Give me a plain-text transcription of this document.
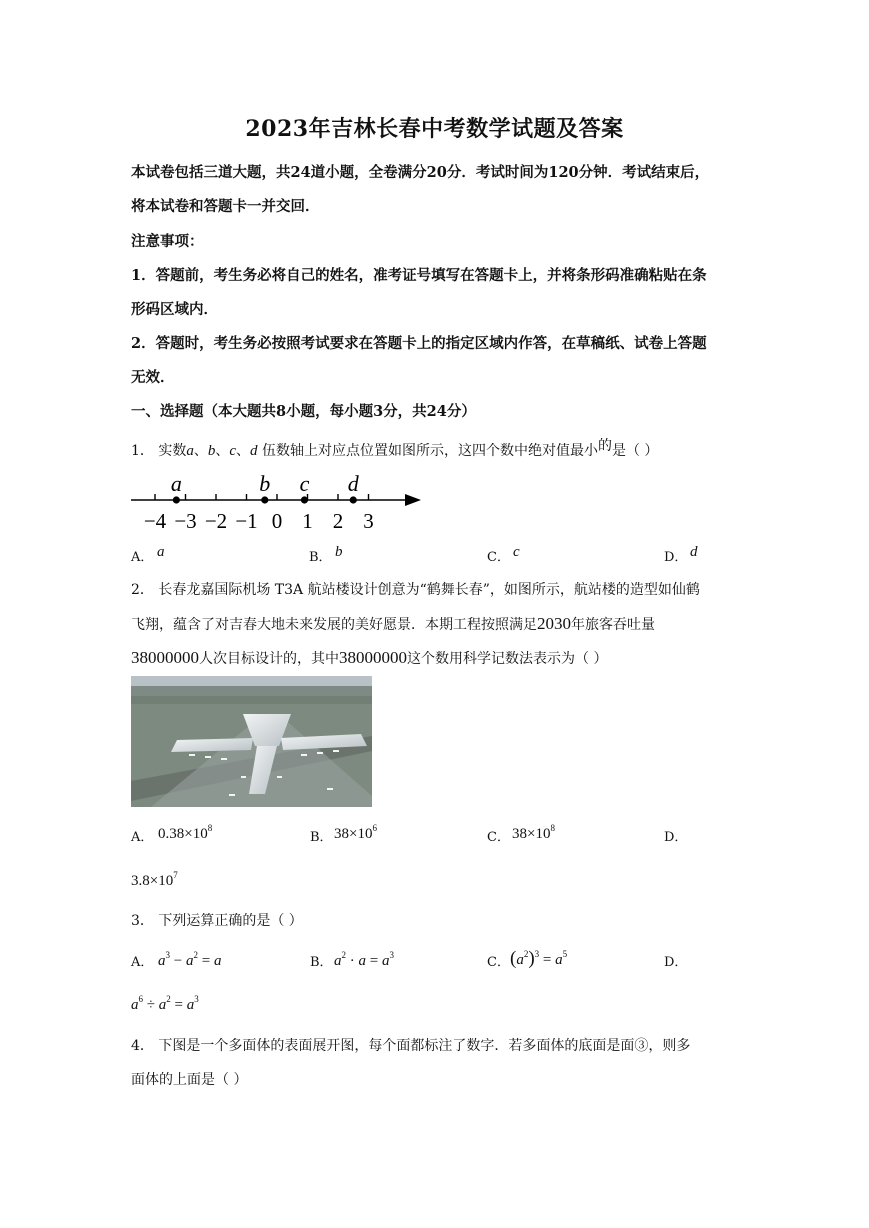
2023年吉林长春中考数学试题及答案
本试卷包括三道大题，共24道小题，全卷满分20分．考试时间为120分钟．考试结束后，
将本试卷和答题卡一并交回．
注意事项：
1．答题前，考生务必将自己的姓名，准考证号填写在答题卡上，并将条形码准确粘贴在条
形码区域内．
2．答题时，考生务必按照考试要求在答题卡上的指定区域内作答，在草稿纸、试卷上答题
无效．
一、选择题（本大题共8小题，每小题3分，共24分）
1． 实数a、b、c、d 伍数轴上对应点位置如图所示，这四个数中绝对值最小的是（ ）
−4 −3 −2 −1 0 1 2 3
a	b c d
A． a	B． b	C． c	D． d
2． 长春龙嘉国际机场 T3A 航站楼设计创意为“鹤舞长春”，如图所示，航站楼的造型如仙鹤
飞翔，蕴含了对吉春大地未来发展的美好愿景．本期工程按照满足2030年旅客吞吐量
38000000人次目标设计的，其中38000000这个数用科学记数法表示为（ ）
A． $0.38\times 10^8$
B． $38\times 10^6$
C． $38\times 10^8$
D．
$3.8\times 10^7$
3． 下列运算正确的是（ ）
A． $a^3 - a^2 = a$	B． $a^2 \cdot a = a^3$	C． $(a^2)^3 = a^5$
D．
$a^6 \div a^2 = a^3$
4． 下图是一个多面体的表面展开图，每个面都标注了数字．若多面体的底面是面③，则多
面体的上面是（ ）
